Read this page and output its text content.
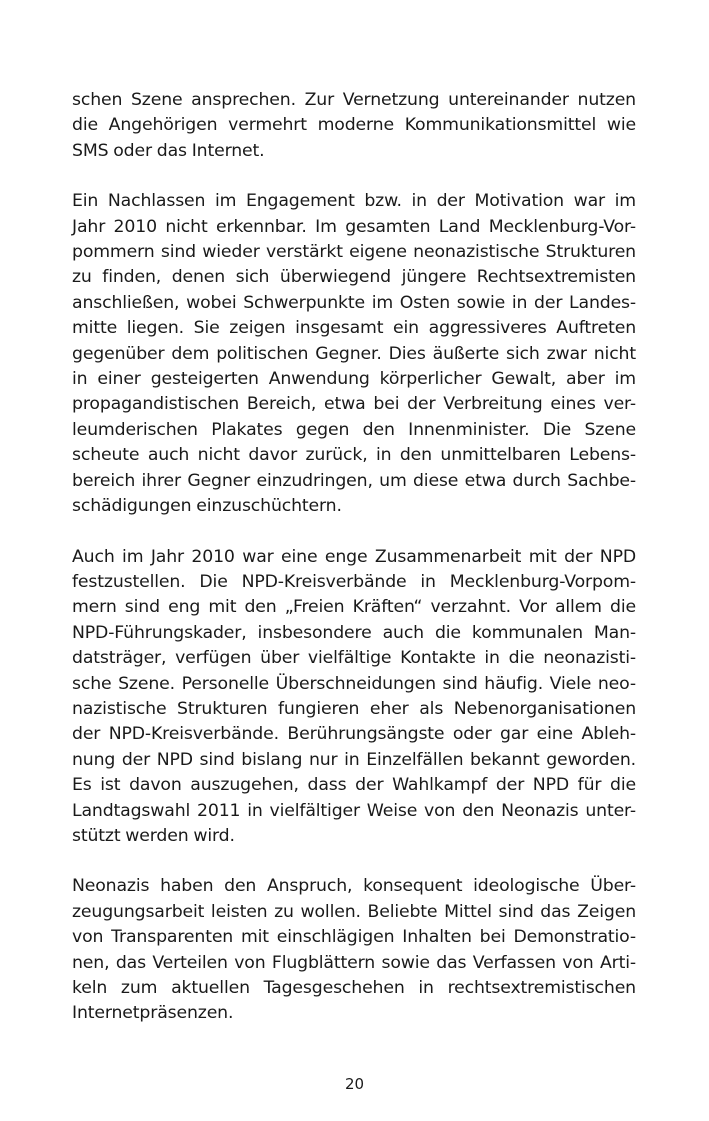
schen Szene ansprechen. Zur Vernetzung untereinander nutzen
die Angehörigen vermehrt moderne Kommunikationsmittel wie
SMS oder das Internet.

Ein Nachlassen im Engagement bzw. in der Motivation war im
Jahr 2010 nicht erkennbar. Im gesamten Land Mecklenburg-Vor-
pommern sind wieder verstärkt eigene neonazistische Strukturen
zu finden, denen sich überwiegend jüngere Rechtsextremisten
anschließen, wobei Schwerpunkte im Osten sowie in der Landes-
mitte liegen. Sie zeigen insgesamt ein aggressiveres Auftreten
gegenüber dem politischen Gegner. Dies äußerte sich zwar nicht
in einer gesteigerten Anwendung körperlicher Gewalt, aber im
propagandistischen Bereich, etwa bei der Verbreitung eines ver-
leumderischen Plakates gegen den Innenminister. Die Szene
scheute auch nicht davor zurück, in den unmittelbaren Lebens-
bereich ihrer Gegner einzudringen, um diese etwa durch Sachbe-
schädigungen einzuschüchtern.

Auch im Jahr 2010 war eine enge Zusammenarbeit mit der NPD
festzustellen. Die NPD-Kreisverbände in Mecklenburg-Vorpom-
mern sind eng mit den „Freien Kräften“ verzahnt. Vor allem die
NPD-Führungskader, insbesondere auch die kommunalen Man-
datsträger, verfügen über vielfältige Kontakte in die neonazisti-
sche Szene. Personelle Überschneidungen sind häufig. Viele neo-
nazistische Strukturen fungieren eher als Nebenorganisationen
der NPD-Kreisverbände. Berührungsängste oder gar eine Ableh-
nung der NPD sind bislang nur in Einzelfällen bekannt geworden.
Es ist davon auszugehen, dass der Wahlkampf der NPD für die
Landtagswahl 2011 in vielfältiger Weise von den Neonazis unter-
stützt werden wird.

Neonazis haben den Anspruch, konsequent ideologische Über-
zeugungsarbeit leisten zu wollen. Beliebte Mittel sind das Zeigen
von Transparenten mit einschlägigen Inhalten bei Demonstratio-
nen, das Verteilen von Flugblättern sowie das Verfassen von Arti-
keln zum aktuellen Tagesgeschehen in rechtsextremistischen
Internetpräsenzen.

20
